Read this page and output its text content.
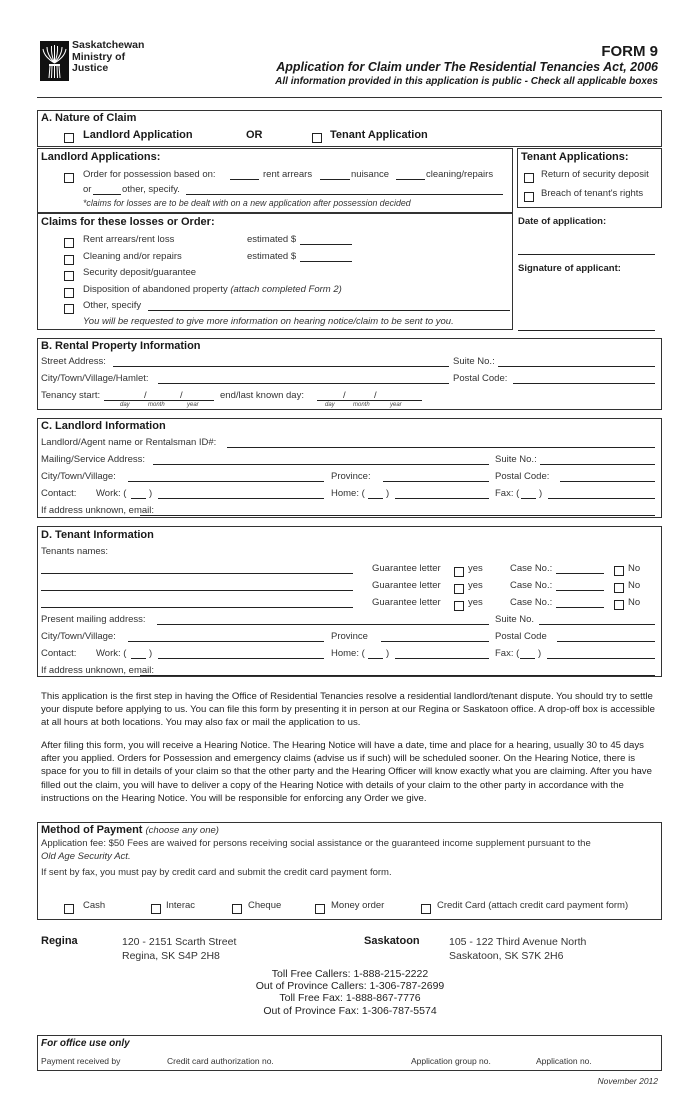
Saskatchewan
Ministry of
Justice
FORM 9
Application for Claim under The Residential Tenancies Act, 2006
All information provided in this application is public - Check all applicable boxes
A. Nature of Claim
Landlord Application	OR	Tenant Application
Landlord Applications:
Order for possession based on:	rent arrears	nuisance	cleaning/repairs
or	other, specify.
*claims for losses are to be dealt with on a new application after possession decided
Tenant Applications:
Return of security deposit
Breach of tenant's rights
Claims for these losses or Order:
Rent arrears/rent loss	estimated $
Cleaning and/or repairs	estimated $
Security deposit/guarantee
Disposition of abandoned property (attach completed Form 2)
Other, specify
You will be requested to give more information on hearing notice/claim to be sent to you.
Date of application:
Signature of applicant:
B. Rental Property Information
Street Address:	Suite No.:
City/Town/Village/Hamlet:	Postal Code:
Tenancy start:	/	/
day	month	year
end/last known day:	/	/
day	month	year
C. Landlord Information
Landlord/Agent name or Rentalsman ID#:
Mailing/Service Address:	Suite No.:
City/Town/Village:	Province:	Postal Code:
Contact: Work: ( )	Home: ( )	Fax: ( )
If address unknown, email:
D. Tenant Information
Tenants names:
Guarantee letter	yes	Case No.:	No
Guarantee letter	yes	Case No.:	No
Guarantee letter	yes	Case No.:	No
Present mailing address:	Suite No.
City/Town/Village:	Province	Postal Code
Contact: Work: ( )	Home: ( )	Fax: ( )
If address unknown, email:
This application is the first step in having the Office of Residential Tenancies resolve a residential landlord/tenant dispute. You should try to settle your dispute before applying to us. You can file this form by presenting it in person at our Regina or Saskatoon office. A drop-off box is accessible at all hours at both locations. You may also fax or mail the application to us.
After filing this form, you will receive a Hearing Notice. The Hearing Notice will have a date, time and place for a hearing, usually 30 to 45 days after you applied. Orders for Possession and emergency claims (advise us if such) will be scheduled sooner. On the Hearing Notice, there is space for you to fill in details of your claim so that the other party and the Hearing Officer will know exactly what you are claiming. After you have filled out the claim, you will have to deliver a copy of the Hearing Notice with details of your claim to the other party in accordance with the instructions on the Hearing Notice. You will be responsible for enforcing any Order we give.
Method of Payment (choose any one)
Application fee: $50 Fees are waived for persons receiving social assistance or the guaranteed income supplement pursuant to the
Old Age Security Act.
If sent by fax, you must pay by credit card and submit the credit card payment form.
Cash	Interac	Cheque	Money order	Credit Card (attach credit card payment form)
Regina	120 - 2151 Scarth Street
Regina, SK S4P 2H8
Saskatoon	105 - 122 Third Avenue North
Saskatoon, SK S7K 2H6
Toll Free Callers: 1-888-215-2222
Out of Province Callers: 1-306-787-2699
Toll Free Fax: 1-888-867-7776
Out of Province Fax: 1-306-787-5574
For office use only
Payment received by	Credit card authorization no.	Application group no.	Application no.
November 2012
